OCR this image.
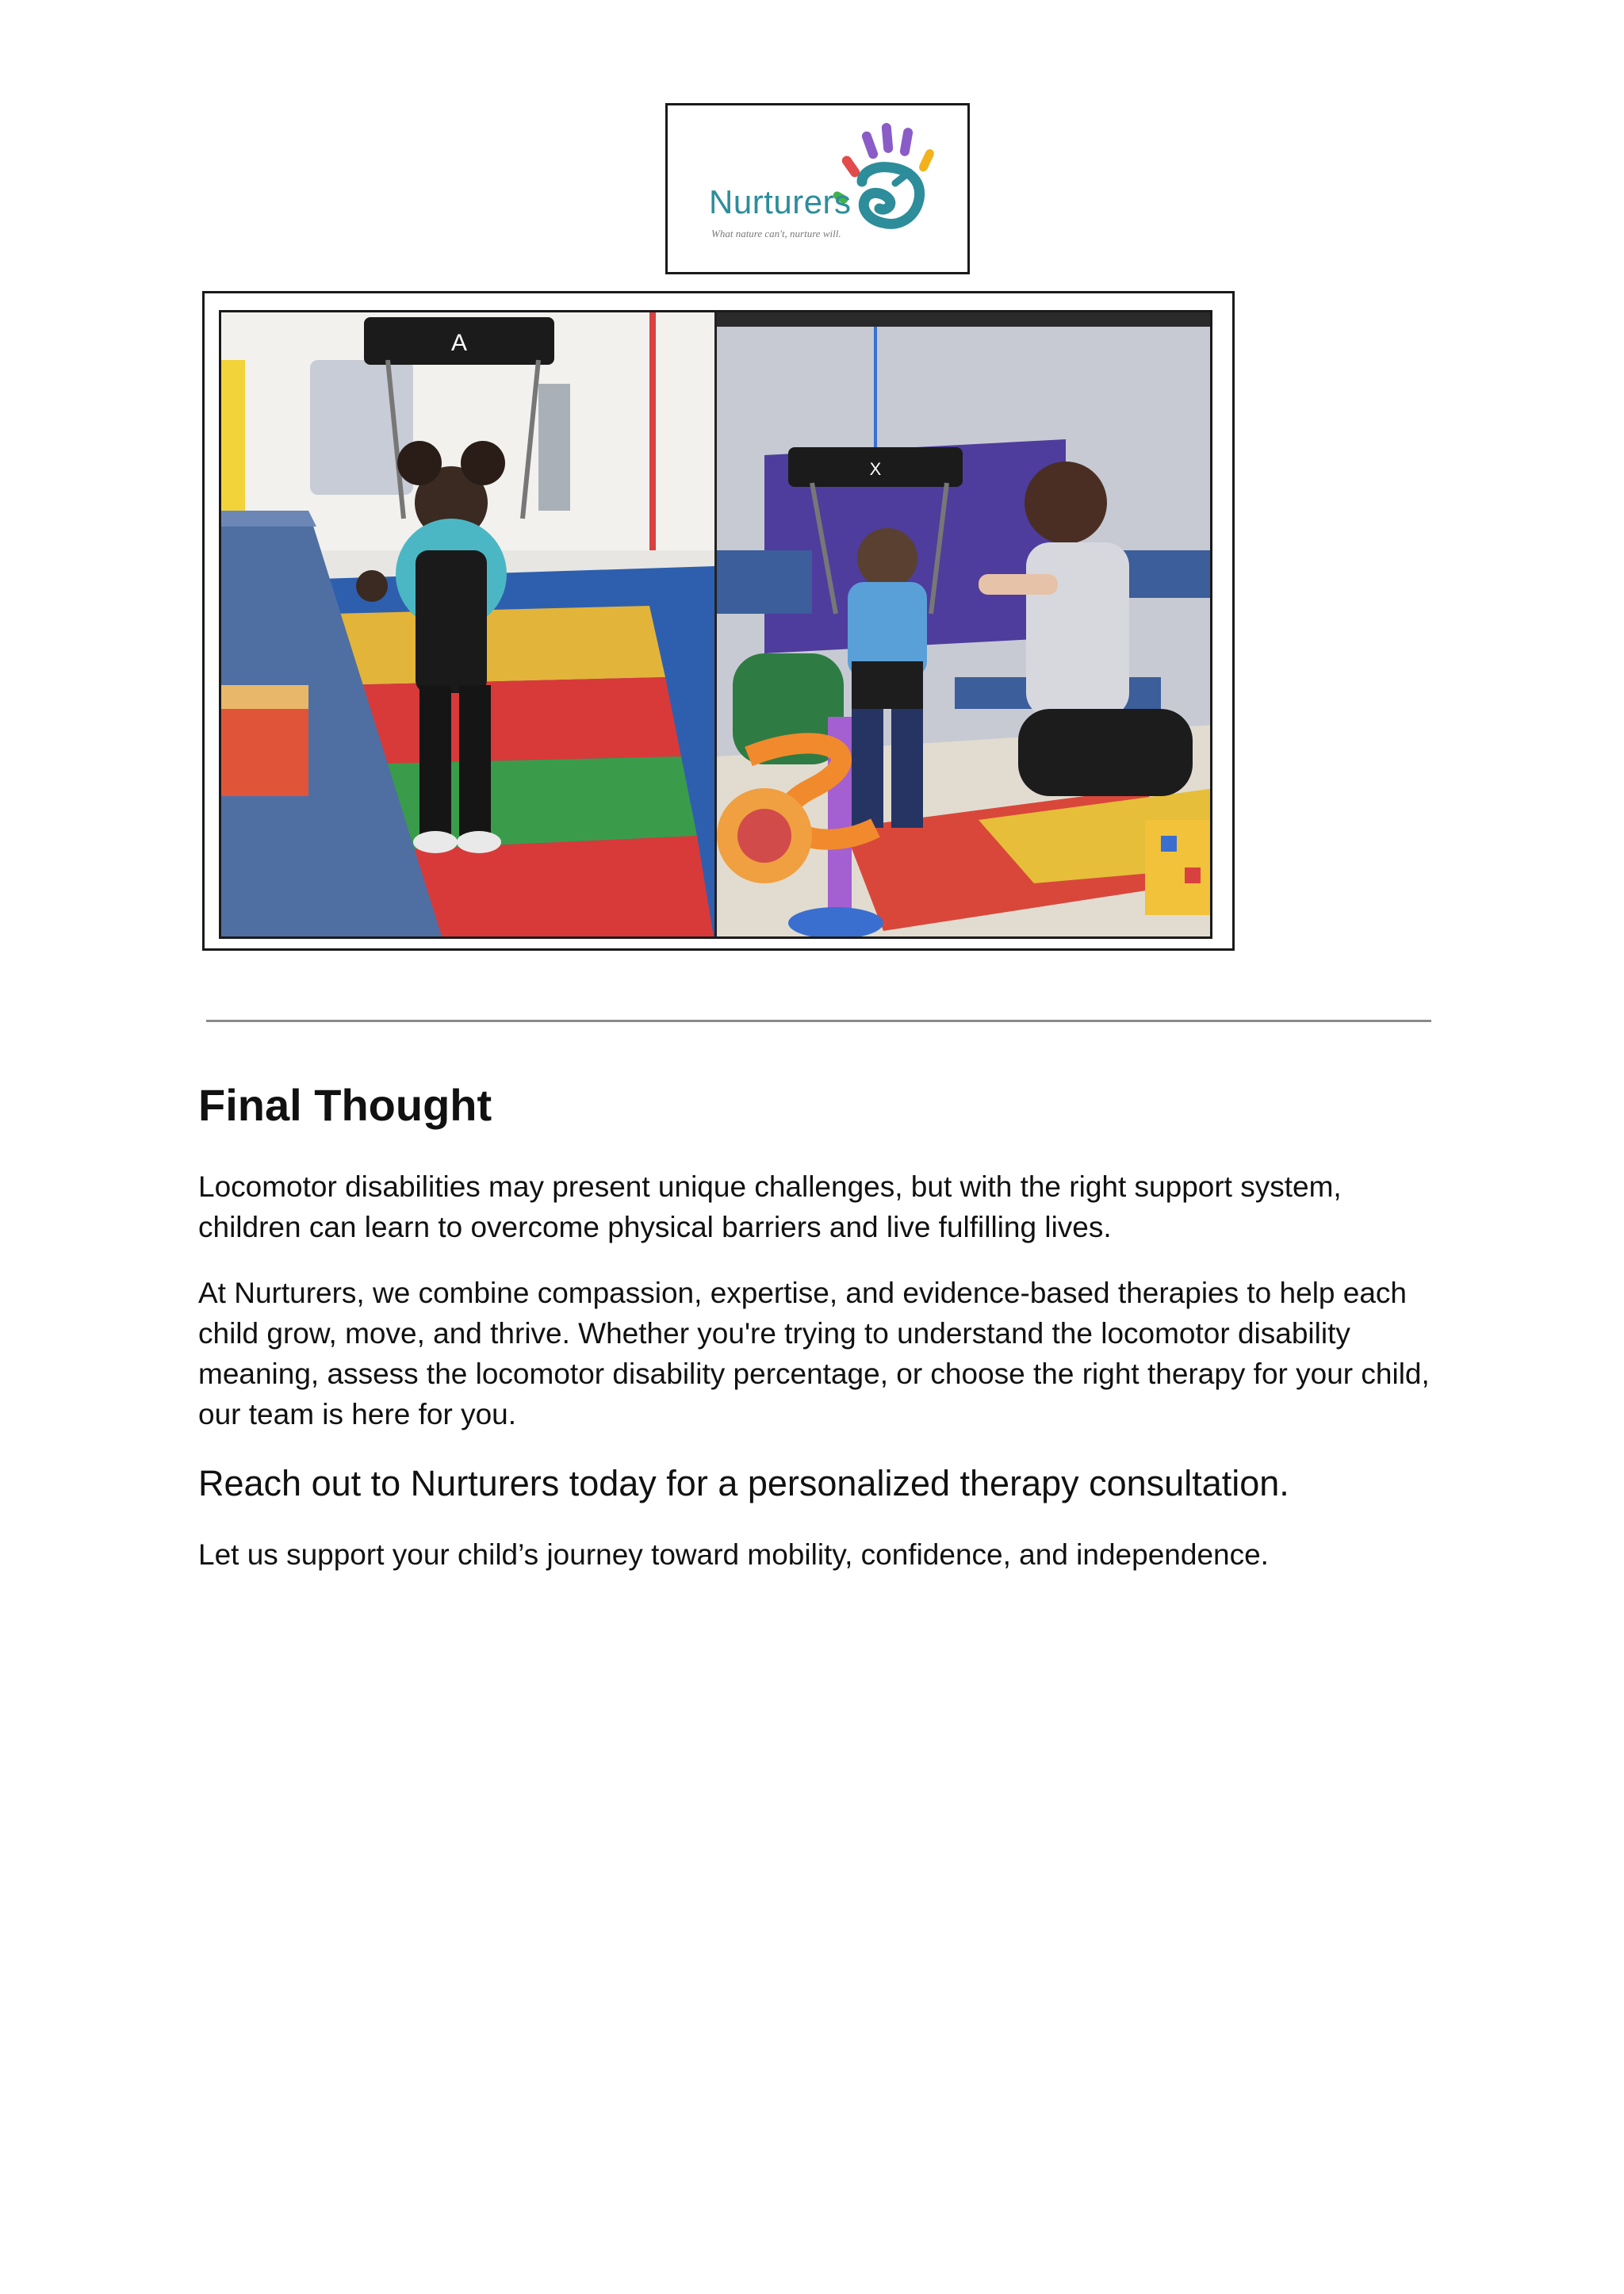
Nurturers
What nature can't, nurture will.
A
X
Final Thought

Locomotor disabilities may present unique challenges, but with the right support system, children can learn to overcome physical barriers and live fulfilling lives.

At Nurturers, we combine compassion, expertise, and evidence-based therapies to help each child grow, move, and thrive. Whether you're trying to understand the locomotor disability meaning, assess the locomotor disability percentage, or choose the right therapy for your child, our team is here for you.

Reach out to Nurturers today for a personalized therapy consultation.

Let us support your child’s journey toward mobility, confidence, and independence.
